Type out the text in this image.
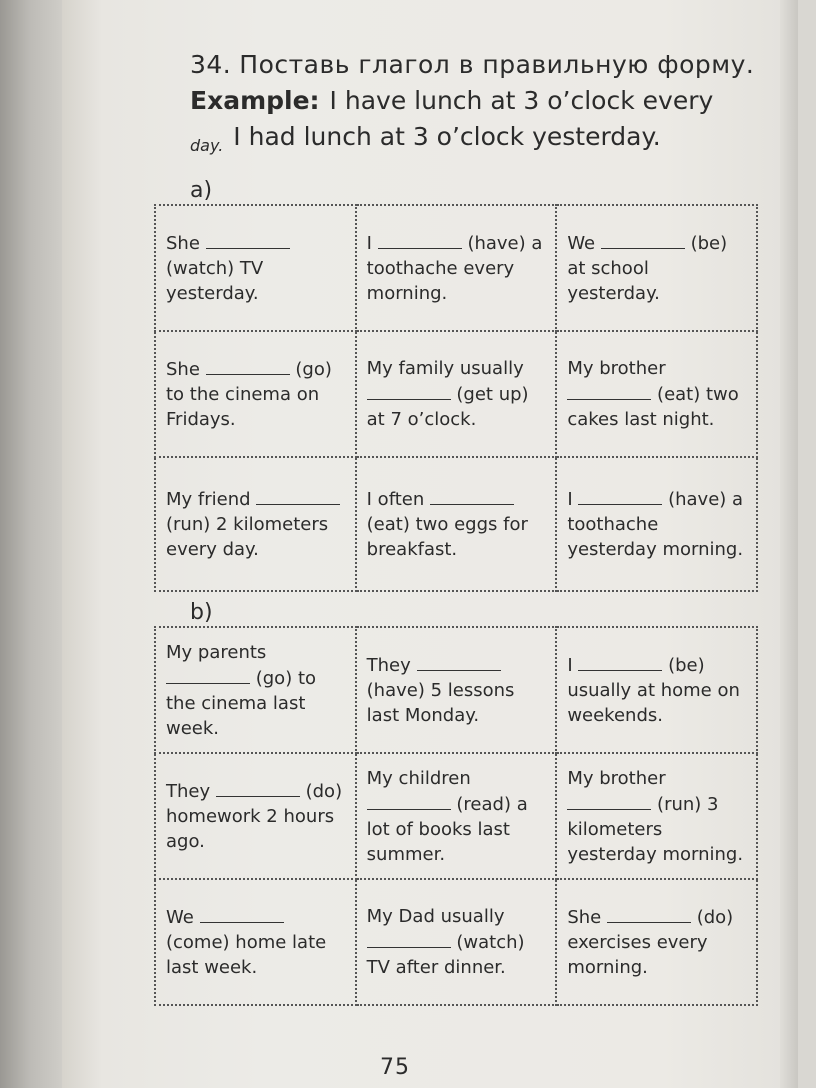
34. Поставь глагол в правильную форму.

Example: I have lunch at 3 o’clock every
$_{day.}$ I had lunch at 3 o’clock yesterday.
a)
She  (watch) TV yesterday.	I (have) a toothache every morning.	We (be) at school yesterday.
She (go) to the cinema on Fridays.	My family usually  (get up) at 7 o’clock.	My brother  (eat) two cakes last night.
My friend  (run) 2 kilometers every day.	I often  (eat) two eggs for breakfast.	I (have) a toothache yesterday morning.
b)
My parents  (go) to the cinema last week.	They  (have) 5 lessons last Monday.	I (be) usually at home on weekends.
They (do) homework 2 hours ago.	My children  (read) a lot of books last summer.	My brother  (run) 3 kilometers yesterday morning.
We  (come) home late last week.	My Dad usually  (watch) TV after dinner.	She (do) exercises every morning.
75
